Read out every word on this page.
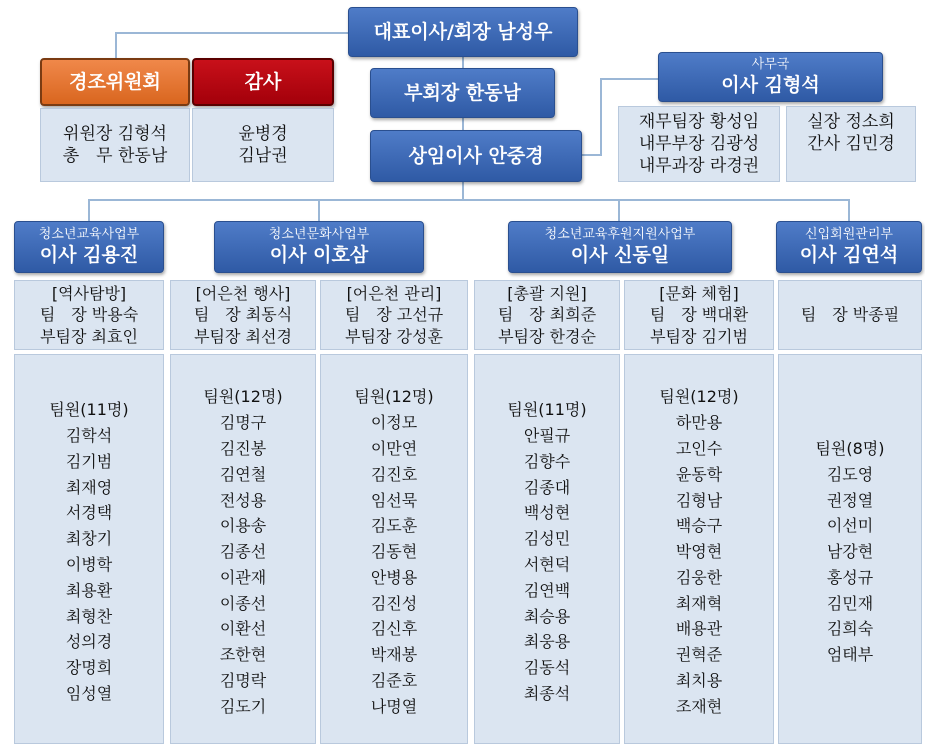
대표이사/회장 남성우
부회장 한동남
상임이사 안중경
경조위원회
위원장 김형석
총　무 한동남
감사
윤병경
김남권
사무국
이사 김형석
재무팀장 황성임
내무부장 김광성
내무과장 라경권
실장 정소희
간사 김민경
청소년교육사업부
이사 김용진
[역사탐방]
팀　장 박용숙
부팀장 최효인
팀원(11명)
김학석
김기범
최재영
서경택
최창기
이병학
최용환
최형찬
성의경
장명희
임성열
청소년문화사업부
이사 이호삼
[어은천 행사]
팀　장 최동식
부팀장 최선경
팀원(12명)
김명구
김진봉
김연철
전성용
이용송
김종선
이관재
이종선
이환선
조한현
김명락
김도기
[어은천 관리]
팀　장 고선규
부팀장 강성훈
팀원(12명)
이정모
이만연
김진호
임선묵
김도훈
김동현
안병용
김진성
김신후
박재봉
김준호
나명열
청소년교육후원지원사업부
이사 신동일
[총괄 지원]
팀　장 최희준
부팀장 한경순
팀원(11명)
안필규
김향수
김종대
백성현
김성민
서현덕
김연백
최승용
최웅용
김동석
최종석
[문화 체험]
팀　장 백대환
부팀장 김기범
팀원(12명)
하만용
고인수
윤동학
김형남
백승구
박영현
김웅한
최재혁
배용관
권혁준
최치용
조재현
신입회원관리부
이사 김연석
팀　장 박종필
팀원(8명)
김도영
권정열
이선미
남강현
홍성규
김민재
김희숙
엄태부
